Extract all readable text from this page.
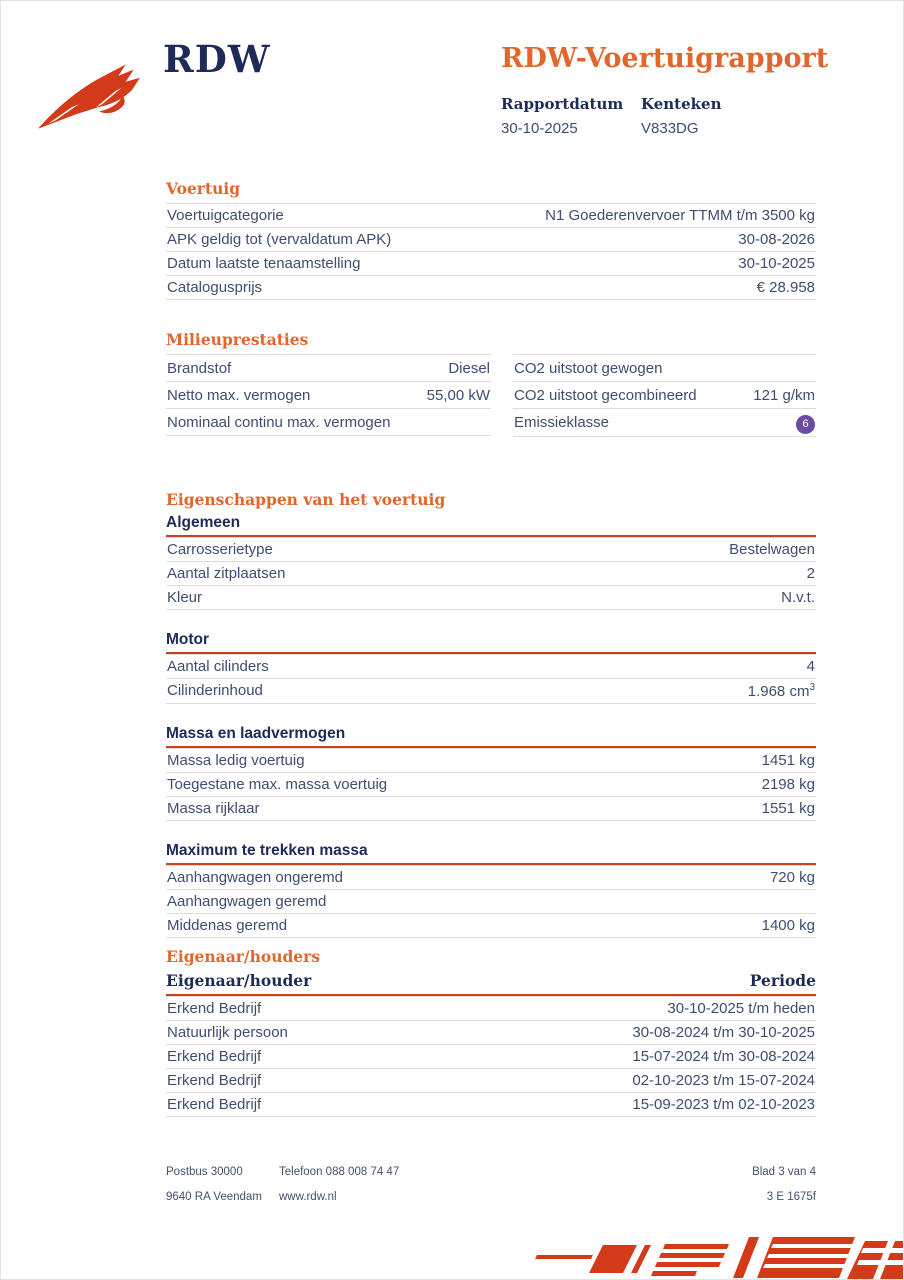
RDW	RDW-Voertuigrapport
Rapportdatum
30-10-2025
Kenteken
V833DG
Voertuig
Voertuigcategorie	N1 Goederenvervoer TTMM t/m 3500 kg
APK geldig tot (vervaldatum APK)	30-08-2026
Datum laatste tenaamstelling	30-10-2025
Catalogusprijs	€ 28.958
Milieuprestaties
Brandstof	Diesel
Netto max. vermogen	55,00 kW
Nominaal continu max. vermogen
CO2 uitstoot gewogen
CO2 uitstoot gecombineerd	121 g/km
Emissieklasse	6
Eigenschappen van het voertuig
Algemeen
Carrosserietype	Bestelwagen
Aantal zitplaatsen	2
Kleur	N.v.t.
Motor
Aantal cilinders	4
Cilinderinhoud	1.968 $cm^3$
Massa en laadvermogen
Massa ledig voertuig	1451 kg
Toegestane max. massa voertuig	2198 kg
Massa rijklaar	1551 kg
Maximum te trekken massa
Aanhangwagen ongeremd	720 kg
Aanhangwagen geremd
Middenas geremd	1400 kg
Eigenaar/houders
Eigenaar/houder	Periode
Erkend Bedrijf	30-10-2025 t/m heden
Natuurlijk persoon	30-08-2024 t/m 30-10-2025
Erkend Bedrijf	15-07-2024 t/m 30-08-2024
Erkend Bedrijf	02-10-2023 t/m 15-07-2024
Erkend Bedrijf	15-09-2023 t/m 02-10-2023
Postbus 30000	Telefoon 088 008 74 47	Blad 3 van 4
9640 RA Veendam	www.rdw.nl	3 E 1675f
